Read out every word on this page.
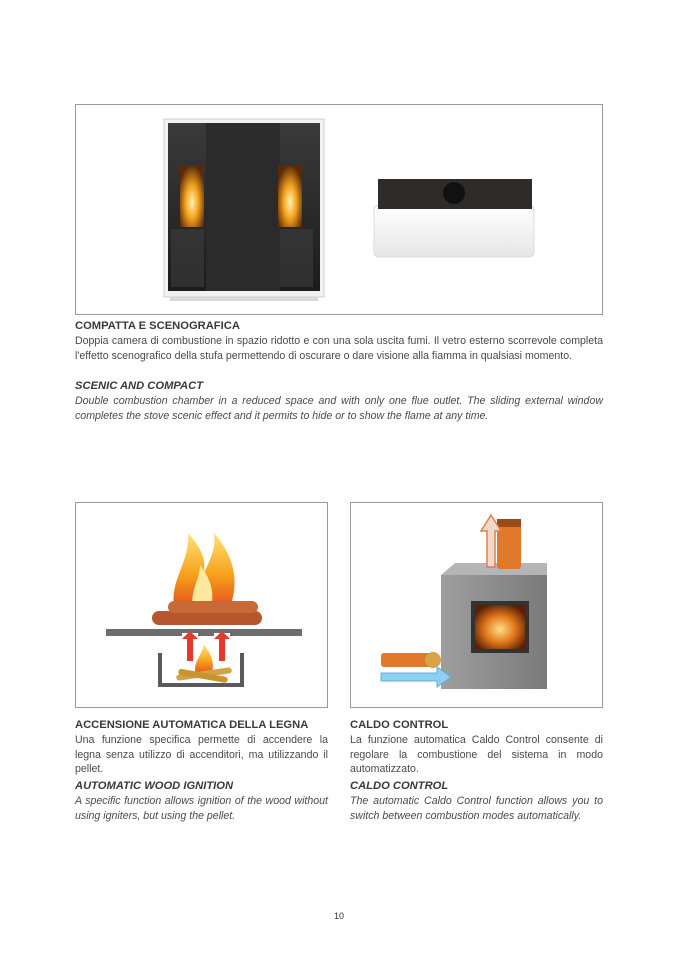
COMPATTA E SCENOGRAFICA
Doppia camera di combustione in spazio ridotto e con una sola uscita fumi. Il vetro esterno scorrevole completa l'effetto scenografico della stufa permettendo di oscurare o dare visione alla fiamma in qualsiasi momento.
SCENIC AND COMPACT
Double combustion chamber in a reduced space and with only one flue outlet. The sliding external window completes the stove scenic effect and it permits to hide or to show the flame at any time.
ACCENSIONE AUTOMATICA DELLA LEGNA
Una funzione specifica permette di accendere la legna senza utilizzo di accenditori, ma utilizzando il pellet.
AUTOMATIC WOOD IGNITION
A specific function allows ignition of the wood without using igniters, but using the pellet.
CALDO CONTROL
La funzione automatica Caldo Control consente di regolare la combustione del sistema in modo automatizzato.
CALDO CONTROL
The automatic Caldo Control function allows you to switch between combustion modes automatically.
10
